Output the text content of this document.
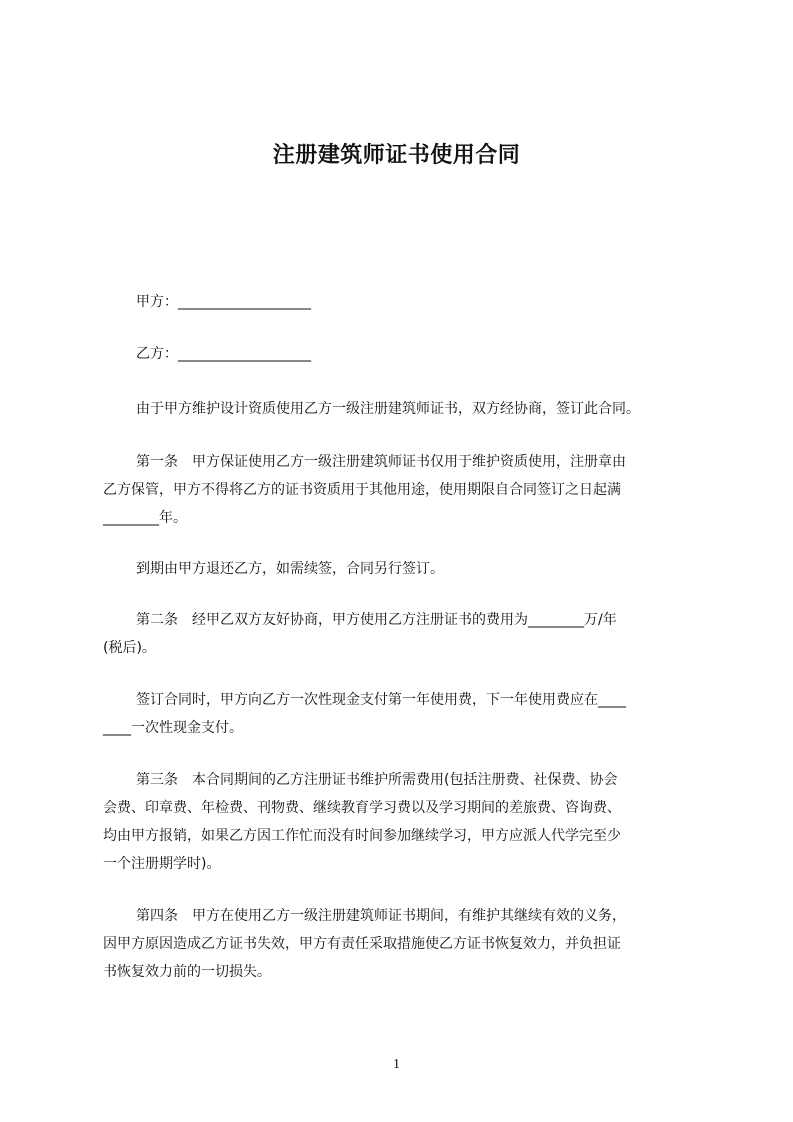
注册建筑师证书使用合同
甲方：___________________
乙方：___________________
由于甲方维护设计资质使用乙方一级注册建筑师证书，双方经协商，签订此合同。
第一条　甲方保证使用乙方一级注册建筑师证书仅用于维护资质使用，注册章由
乙方保管，甲方不得将乙方的证书资质用于其他用途，使用期限自合同签订之日起满
________年。
到期由甲方退还乙方，如需续签，合同另行签订。
第二条　经甲乙双方友好协商，甲方使用乙方注册证书的费用为________万/年
(税后)。
签订合同时，甲方向乙方一次性现金支付第一年使用费，下一年使用费应在____
____一次性现金支付。
第三条　本合同期间的乙方注册证书维护所需费用(包括注册费、社保费、协会
会费、印章费、年检费、刊物费、继续教育学习费以及学习期间的差旅费、咨询费、
均由甲方报销，如果乙方因工作忙而没有时间参加继续学习，甲方应派人代学完至少
一个注册期学时)。
第四条　甲方在使用乙方一级注册建筑师证书期间，有维护其继续有效的义务，
因甲方原因造成乙方证书失效，甲方有责任采取措施使乙方证书恢复效力，并负担证
书恢复效力前的一切损失。
1
